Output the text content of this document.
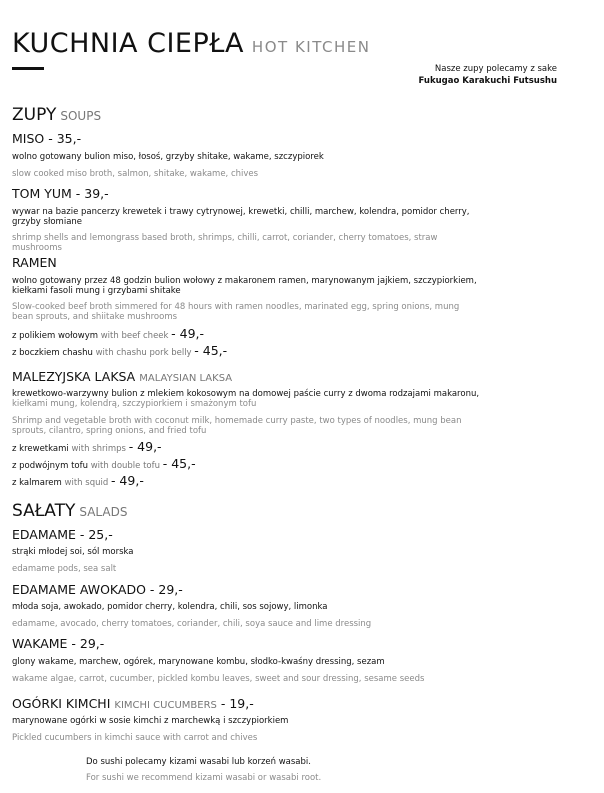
KUCHNIA CIEPŁA HOT KITCHEN
Nasze zupy polecamy z sake
Fukugao Karakuchi Futsushu
ZUPY SOUPS
MISO - 35,-
wolno gotowany bulion miso, łosoś, grzyby shitake, wakame, szczypiorek
slow cooked miso broth, salmon, shitake, wakame, chives
TOM YUM - 39,-
wywar na bazie pancerzy krewetek i trawy cytrynowej, krewetki, chilli, marchew, kolendra, pomidor cherry, grzyby słomiane
shrimp shells and lemongrass based broth, shrimps, chilli, carrot, coriander, cherry tomatoes, straw mushrooms
RAMEN
wolno gotowany przez 48 godzin bulion wołowy z makaronem ramen, marynowanym jajkiem, szczypiorkiem, kiełkami fasoli mung i grzybami shitake
Slow-cooked beef broth simmered for 48 hours with ramen noodles, marinated egg, spring onions, mung bean sprouts, and shiitake mushrooms
z polikiem wołowym with beef cheek - 49,-
z boczkiem chashu with chashu pork belly - 45,-
MALEZYJSKA LAKSA MALAYSIAN LAKSA
krewetkowo-warzywny bulion z mlekiem kokosowym na domowej paście curry z dwoma rodzajami makaronu,
kiełkami mung, kolendrą, szczypiorkiem i smażonym tofu
Shrimp and vegetable broth with coconut milk, homemade curry paste, two types of noodles, mung bean sprouts, cilantro, spring onions, and fried tofu
z krewetkami with shrimps - 49,-
z podwójnym tofu with double tofu - 45,-
z kalmarem with squid - 49,-
SAŁATY SALADS
EDAMAME - 25,-
strąki młodej soi, sól morska
edamame pods, sea salt
EDAMAME AWOKADO - 29,-
młoda soja, awokado, pomidor cherry, kolendra, chili, sos sojowy, limonka
edamame, avocado, cherry tomatoes, coriander, chili, soya sauce and lime dressing
WAKAME - 29,-
glony wakame, marchew, ogórek, marynowane kombu, słodko-kwaśny dressing, sezam
wakame algae, carrot, cucumber, pickled kombu leaves, sweet and sour dressing, sesame seeds
OGÓRKI KIMCHI KIMCHI CUCUMBERS - 19,-
marynowane ogórki w sosie kimchi z marchewką i szczypiorkiem
Pickled cucumbers in kimchi sauce with carrot and chives
Do sushi polecamy kizami wasabi lub korzeń wasabi.
For sushi we recommend kizami wasabi or wasabi root.
